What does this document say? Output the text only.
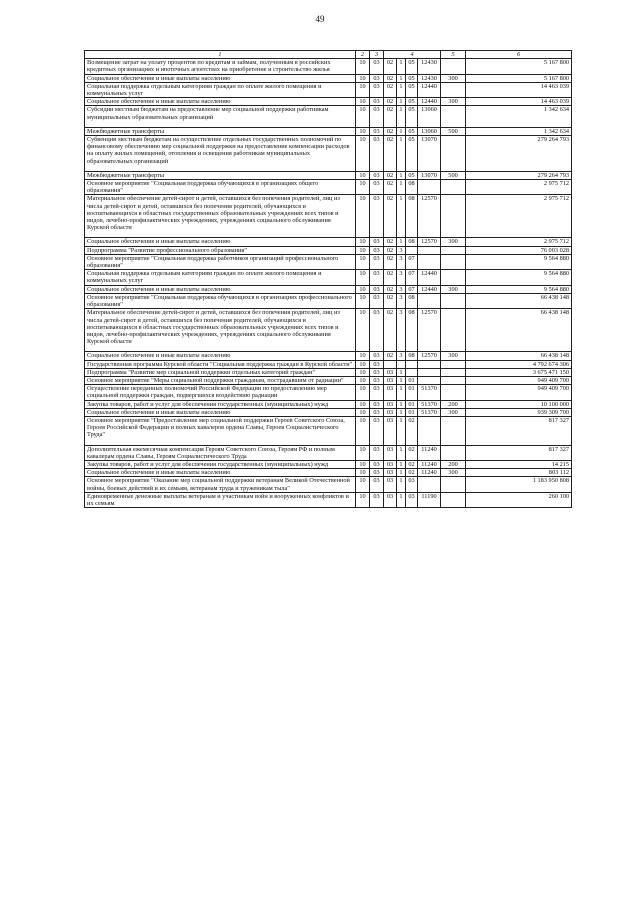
49
1	2	3	4				5	6
Возмещение затрат на уплату процентов по кредитам и займам, полученным в российских кредитных организациях и ипотечных агентствах на приобретение и строительство жилья	10	03	02	1	05	12430		5 167 800
Социальное обеспечение и иные выплаты населению	10	03	02	1	05	12430	300	5 167 800
Социальная поддержка отдельным категориям граждан по оплате жилого помещения и коммунальных услуг	10	03	02	1	05	12440		14 463 039
Социальное обеспечение и иные выплаты населению	10	03	02	1	05	12440	300	14 463 039
Субсидии местным бюджетам на предоставление мер социальной поддержки работникам муниципальных образовательных организаций	10	03	02	1	05	13060		1 342 634
Межбюджетные трансферты	10	03	02	1	05	13060	500	1 342 634
Субвенции местным бюджетам на осуществление отдельных государственных полномочий по финансовому обеспечению мер социальной поддержки на предоставление компенсации расходов на оплату жилых помещений, отопления и освещения работникам муниципальных образовательных организаций	10	03	02	1	05	13070		279 264 793
Межбюджетные трансферты	10	03	02	1	05	13070	500	279 264 793
Основное мероприятие "Социальная поддержка обучающихся в организациях общего образования"	10	03	02	1	08			2 975 712
Материальное обеспечение детей-сирот и детей, оставшихся без попечения родителей, лиц из числа детей-сирот и детей, оставшихся без попечения родителей, обучающихся и воспитывающихся в областных государственных образовательных учреждениях всех типов и видов, лечебно-профилактических учреждениях, учреждениях социального обслуживания Курской области	10	03	02	1	08	12570		2 975 712
Социальное обеспечение и иные выплаты населению	10	03	02	1	08	12570	300	2 975 712
Подпрограмма "Развитие профессионального образования"	10	03	02	3				76 003 028
Основное мероприятие "Социальная поддержка работников организаций профессионального образования"	10	03	02	3	07			9 564 880
Социальная поддержка отдельным категориям граждан по оплате жилого помещения и коммунальных услуг	10	03	02	3	07	12440		9 564 880
Социальное обеспечение и иные выплаты населению	10	03	02	3	07	12440	300	9 564 880
Основное мероприятие "Социальная поддержка обучающихся в организациях профессионального образования"	10	03	02	3	08			66 438 148
Материальное обеспечение детей-сирот и детей, оставшихся без попечения родителей, лиц из числа детей-сирот и детей, оставшихся без попечения родителей, обучающихся и воспитывающихся в областных государственных образовательных учреждениях всех типов и видов, лечебно-профилактических учреждениях, учреждениях социального обслуживания Курской области	10	03	02	3	08	12570		66 438 148
Социальное обеспечение и иные выплаты населению	10	03	02	3	08	12570	300	66 438 148
Государственная программа Курской области "Социальная поддержка граждан в Курской области"	10	03						4 792 674 306
Подпрограмма "Развитие мер социальной поддержки отдельных категорий граждан"	10	03	03	1				3 675 471 150
Основное мероприятие "Меры социальной поддержки гражданам, пострадавшим от радиации"	10	03	03	1	01			949 409 700
Осуществление переданных полномочий Российской Федерации по предоставлению мер социальной поддержки граждан, подвергшихся воздействию радиации	10	03	03	1	01	51370		949 409 700
Закупка товаров, работ и услуг для обеспечения государственных (муниципальных) нужд	10	03	03	1	01	51370	200	10 100 000
Социальное обеспечение и иные выплаты населению	10	03	03	1	01	51370	300	939 309 700
Основное мероприятие "Предоставление мер социальной поддержки Героев Советского Союза, Героев Российской Федерации и полных кавалеров ордена Славы, Героев Социалистического Труда"	10	03	03	1	02			817 327
Дополнительная ежемесячная компенсация Героям Советского Союза, Героям РФ и полным кавалерам ордена Славы, Героям Социалистического Труда	10	03	03	1	02	11240		817 327
Закупка товаров, работ и услуг для обеспечения государственных (муниципальных) нужд	10	03	03	1	02	11240	200	14 215
Социальное обеспечение и иные выплаты населению	10	03	03	1	02	11240	300	803 112
Основное мероприятие "Оказание мер социальной поддержки ветеранам Великой Отечественной войны, боевых действий и их семьям, ветеранам труда и труженикам тыла"	10	03	03	1	03			1 183 950 808
Единовременные денежные выплаты ветеранам и участникам войн и вооруженных конфликтов и их семьям	10	03	03	1	03	11190		260 100
